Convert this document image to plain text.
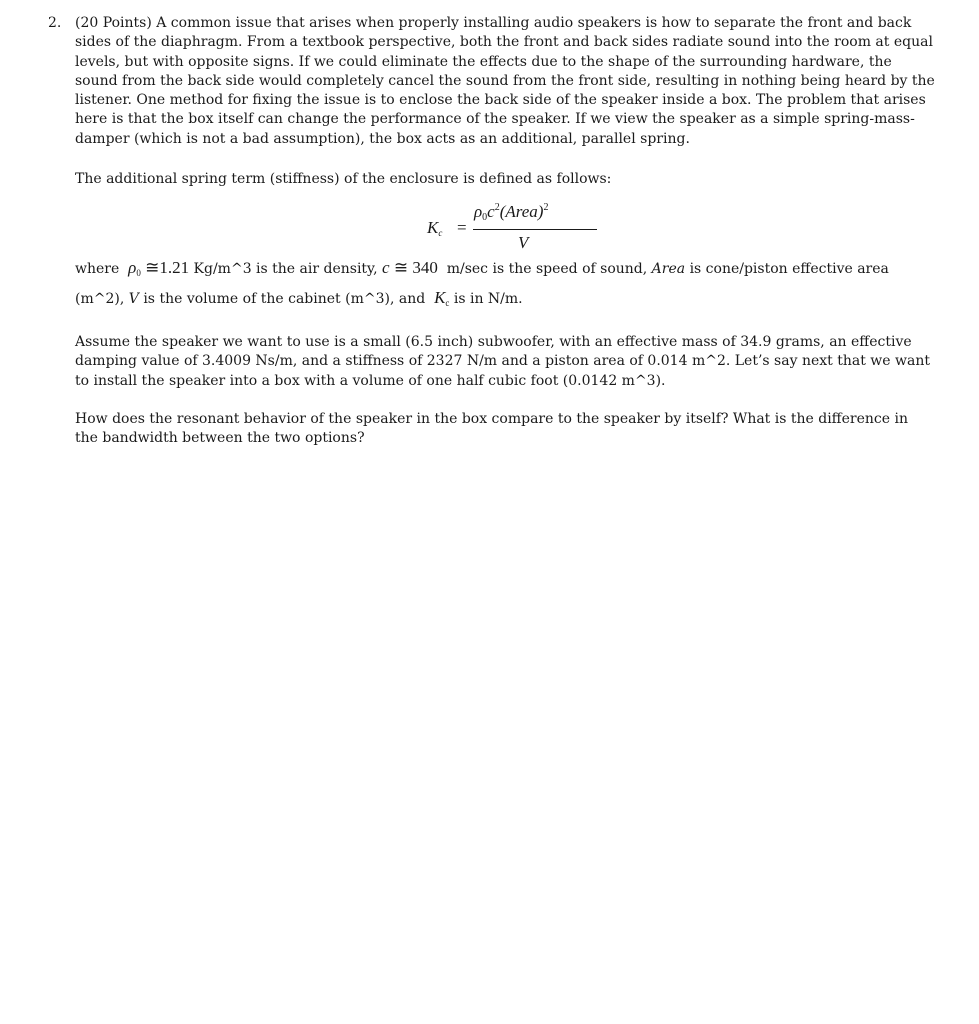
2. (20 Points) A common issue that arises when properly installing audio speakers is how to separate the front and back sides of the diaphragm. From a textbook perspective, both the front and back sides radiate sound into the room at equal levels, but with opposite signs. If we could eliminate the effects due to the shape of the surrounding hardware, the sound from the back side would completely cancel the sound from the front side, resulting in nothing being heard by the listener. One method for fixing the issue is to enclose the back side of the speaker inside a box. The problem that arises here is that the box itself can change the performance of the speaker. If we view the speaker as a simple spring-mass-damper (which is not a bad assumption), the box acts as an additional, parallel spring.

The additional spring term (stiffness) of the enclosure is defined as follows:

$K_c$ =
$\rho_0c^2(Area)^2$
V

where $\rho_0$ ≅1.21 Kg/m^3 is the air density, c ≅ 340 m/sec is the speed of sound, Area is cone/piston effective area

(m^2), V is the volume of the cabinet (m^3), and $K_c$ is in N/m.

Assume the speaker we want to use is a small (6.5 inch) subwoofer, with an effective mass of 34.9 grams, an effective damping value of 3.4009 Ns/m, and a stiffness of 2327 N/m and a piston area of 0.014 m^2. Let’s say next that we want to install the speaker into a box with a volume of one half cubic foot (0.0142 m^3).

How does the resonant behavior of the speaker in the box compare to the speaker by itself? What is the difference in the bandwidth between the two options?
